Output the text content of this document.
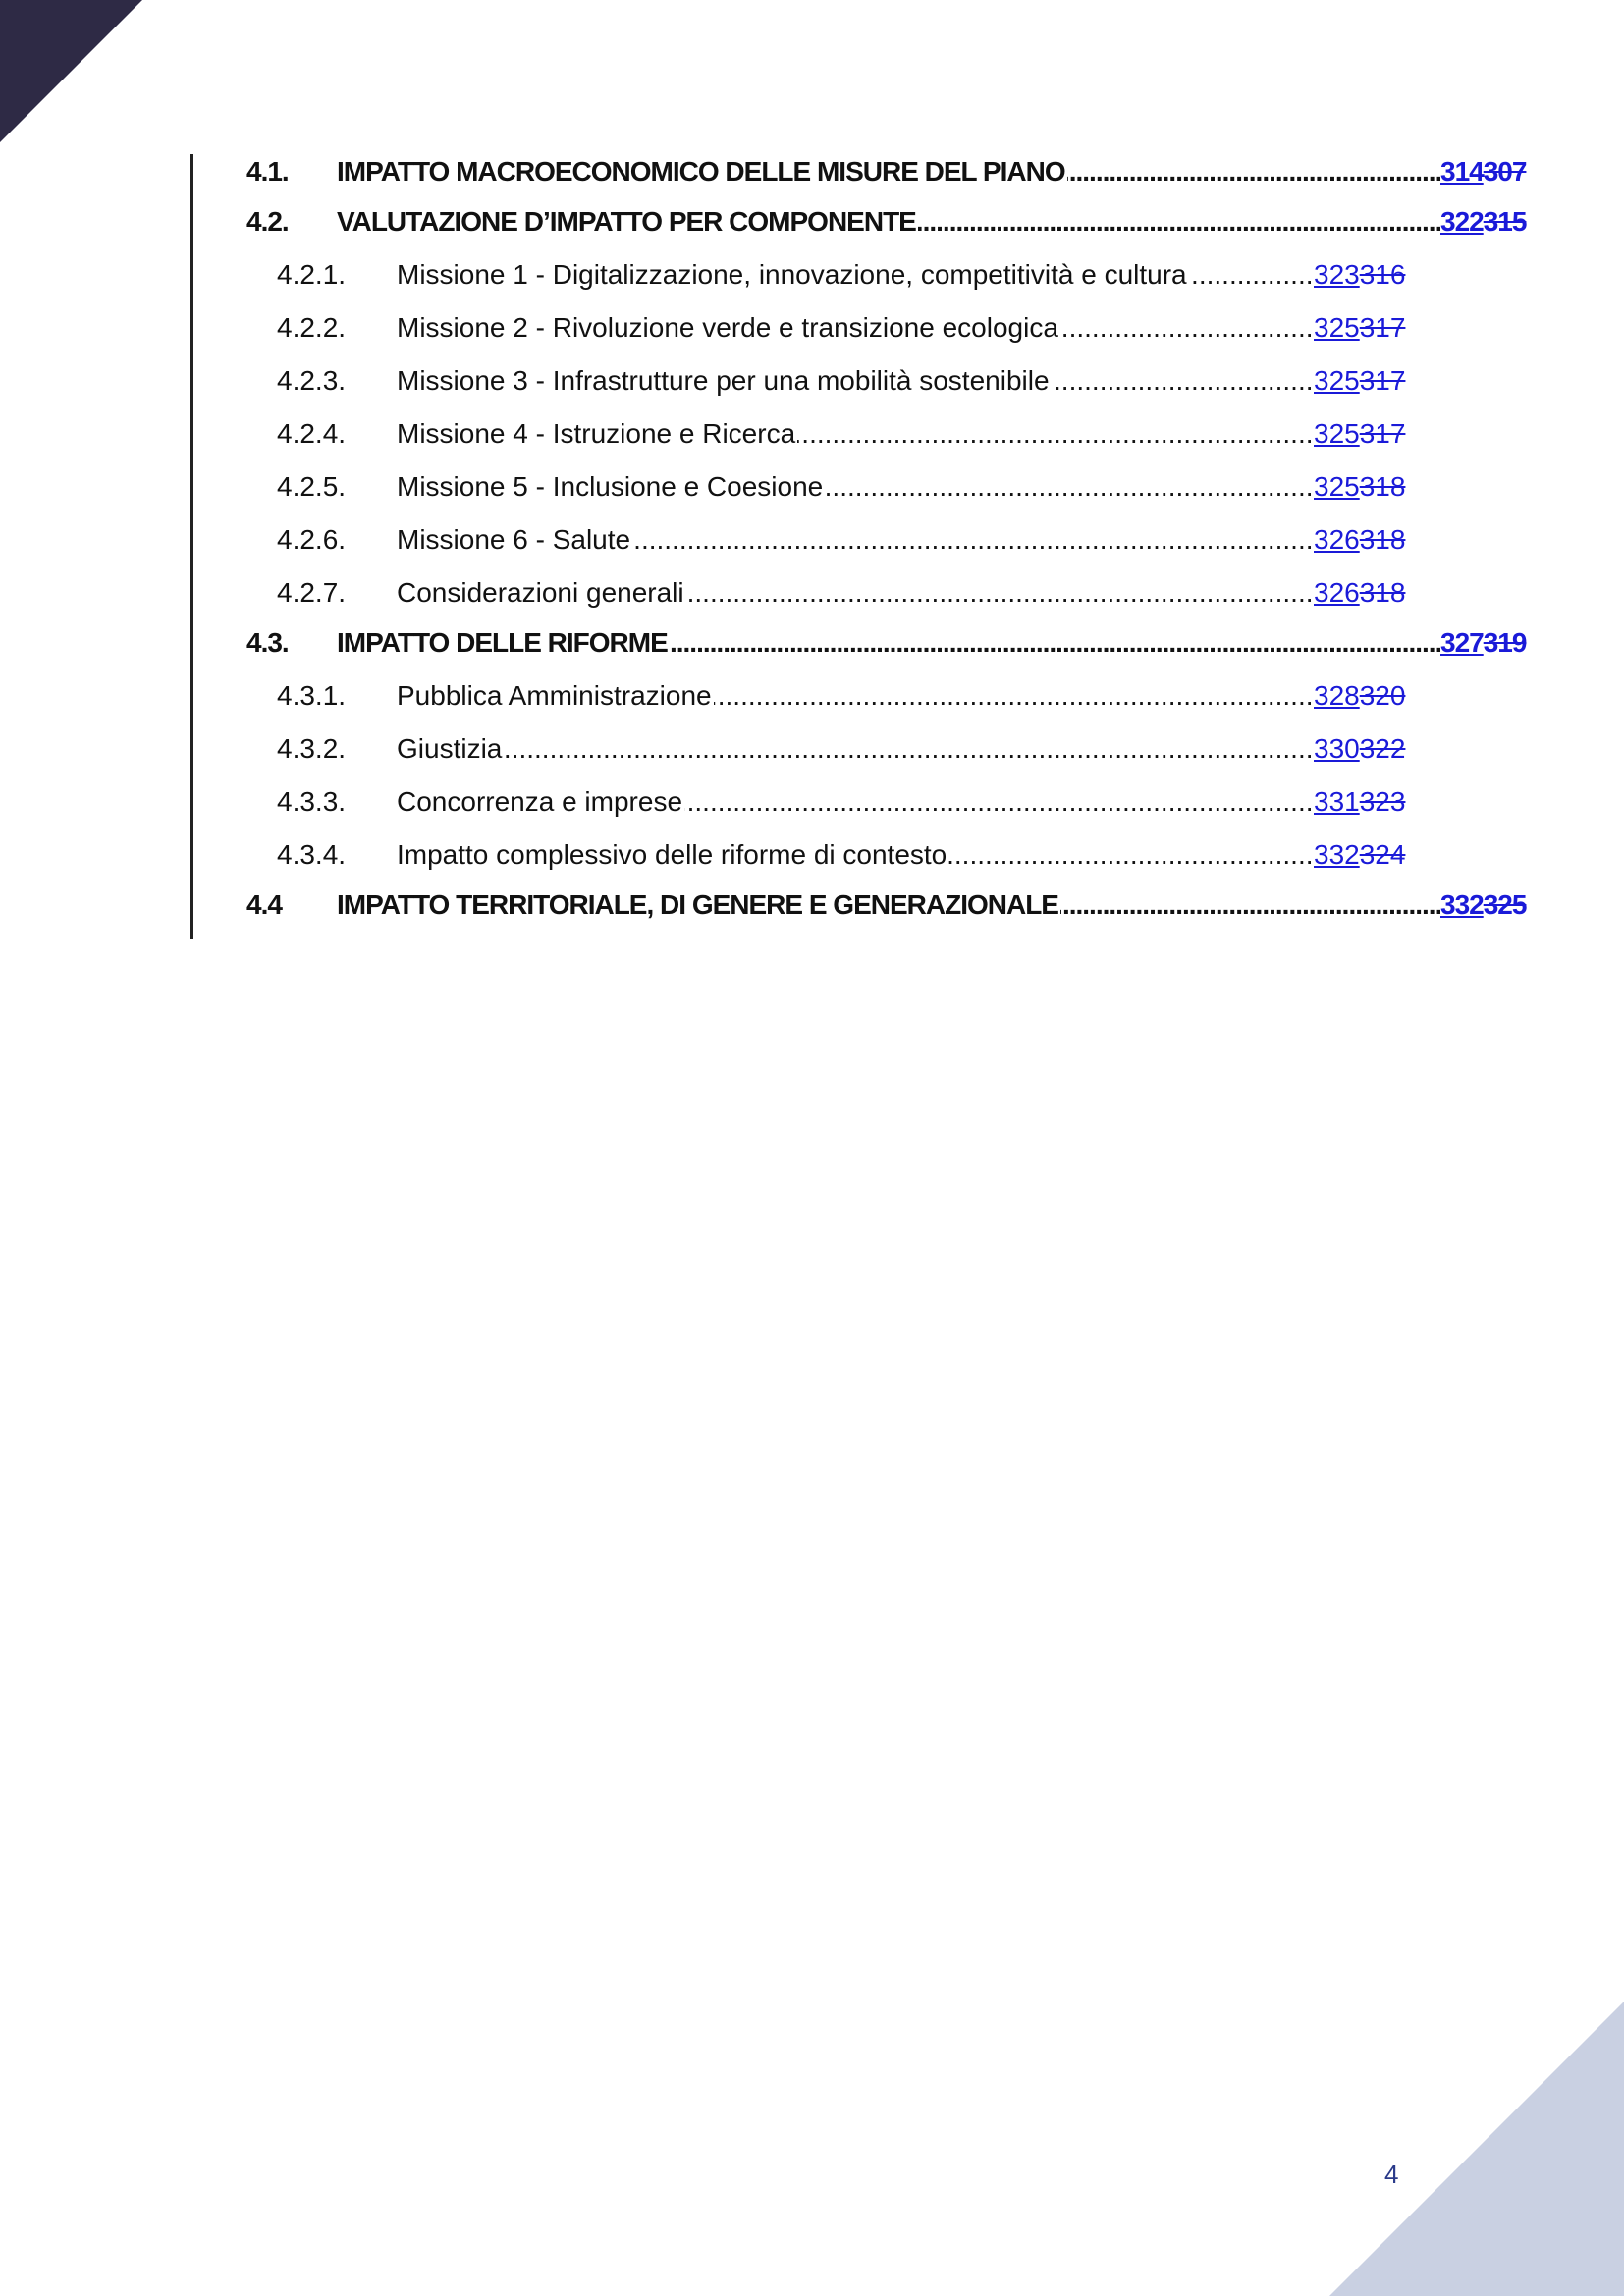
4.1. IMPATTO MACROECONOMICO DELLE MISURE DEL PIANO .....	314307
4.2. VALUTAZIONE D’IMPATTO PER COMPONENTE .....	322315
4.2.1. Missione 1 - Digitalizzazione, innovazione, competitività e cultura .....	323316
4.2.2. Missione 2 - Rivoluzione verde e transizione ecologica .....	325317
4.2.3. Missione 3 - Infrastrutture per una mobilità sostenibile .....	325317
4.2.4. Missione 4 - Istruzione e Ricerca .....	325317
4.2.5. Missione 5 - Inclusione e Coesione .....	325318
4.2.6. Missione 6 - Salute .....	326318
4.2.7. Considerazioni generali .....	326318
4.3. IMPATTO DELLE RIFORME .....	327319
4.3.1. Pubblica Amministrazione .....	328320
4.3.2. Giustizia .....	330322
4.3.3. Concorrenza e imprese .....	331323
4.3.4. Impatto complessivo delle riforme di contesto .....	332324
4.4 IMPATTO TERRITORIALE, DI GENERE E GENERAZIONALE .....	332325
4
